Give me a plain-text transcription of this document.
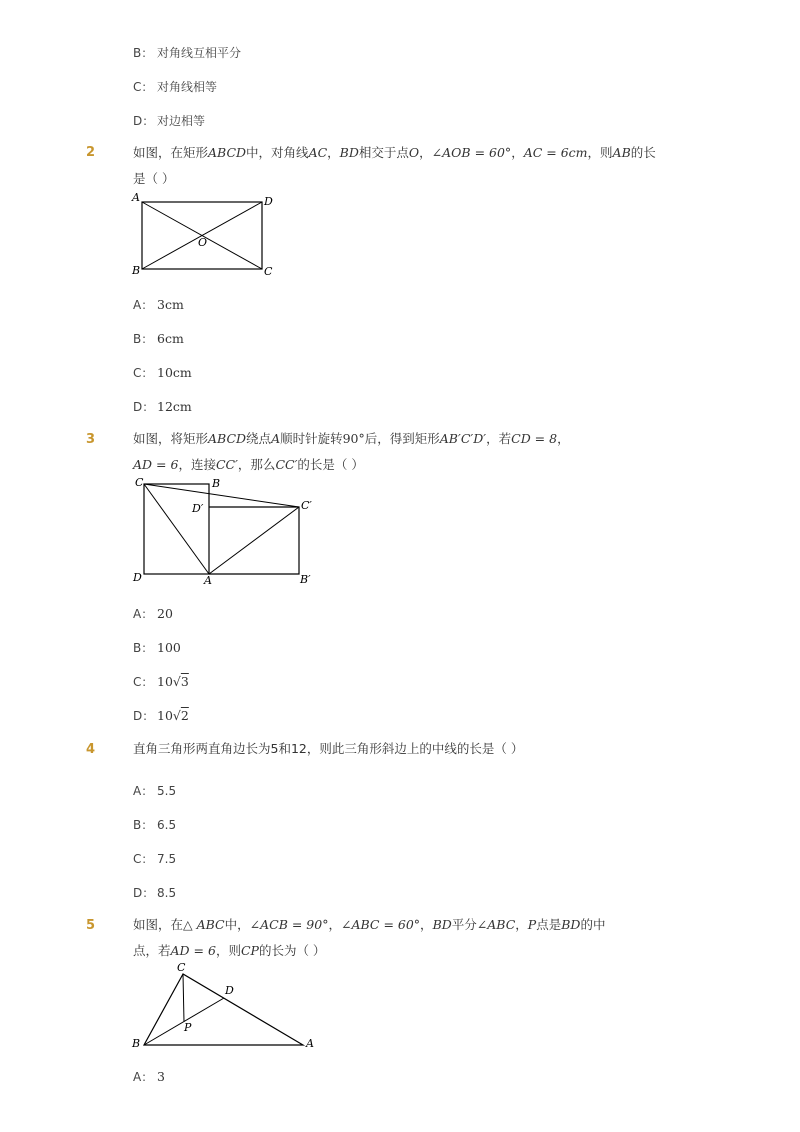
B： 对角线互相平分
C： 对角线相等
D： 对边相等
2	如图，在矩形ABCD中，对角线AC，BD相交于点O，∠AOB = 60°，AC = 6cm，则AB的长
是（ ）
A	D
O
B	C
A： 3cm
B： 6cm
C： 10cm
D： 12cm
3	如图，将矩形ABCD绕点A顺时针旋转90°后，得到矩形AB′C′D′，若CD = 8，
AD = 6，连接CC′，那么CC′的长是（ ）
C	B
D′	C′
D	A	B′
A： 20
B： 100
C： 10√3
D： 10√2
4	直角三角形两直角边长为5和12，则此三角形斜边上的中线的长是（ ）
A： 5.5
B： 6.5
C： 7.5
D： 8.5
5	如图，在△ ABC中，∠ACB = 90°，∠ABC = 60°，BD平分∠ABC，P点是BD的中
点，若AD = 6，则CP的长为（ ）
C
D
P
B	A
A： 3
